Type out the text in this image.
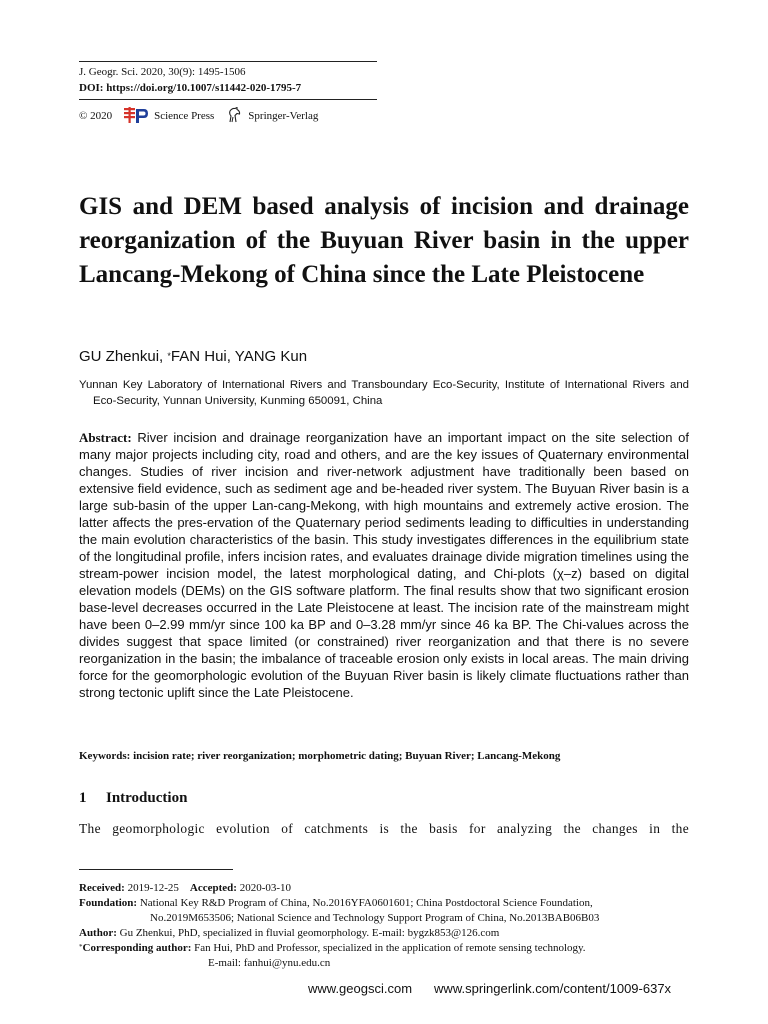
J. Geogr. Sci. 2020, 30(9): 1495-1506
DOI: https://doi.org/10.1007/s11442-020-1795-7
© 2020	Science Press	Springer-Verlag
GIS and DEM based analysis of incision and drainage reorganization of the Buyuan River basin in the upper Lancang-Mekong of China since the Late Pleistocene
GU Zhenkui, *FAN Hui, YANG Kun
Yunnan Key Laboratory of International Rivers and Transboundary Eco-Security, Institute of International Rivers and Eco-Security, Yunnan University, Kunming 650091, China
Abstract: River incision and drainage reorganization have an important impact on the site selection of many major projects including city, road and others, and are the key issues of Quaternary environmental changes. Studies of river incision and river-network adjustment have traditionally been based on extensive field evidence, such as sediment age and be-headed river system. The Buyuan River basin is a large sub-basin of the upper Lan-cang-Mekong, with high mountains and extremely active erosion. The latter affects the pres-ervation of the Quaternary period sediments leading to difficulties in understanding the main evolution characteristics of the basin. This study investigates differences in the equilibrium state of the longitudinal profile, infers incision rates, and evaluates drainage divide migration timelines using the stream-power incision model, the latest morphological dating, and Chi-plots (χ–z) based on digital elevation models (DEMs) on the GIS software platform. The final results show that two significant erosion base-level decreases occurred in the Late Pleistocene at least. The incision rate of the mainstream might have been 0–2.99 mm/yr since 100 ka BP and 0–3.28 mm/yr since 46 ka BP. The Chi-values across the divides suggest that space limited (or constrained) river reorganization and that there is no severe reorganization in the basin; the imbalance of traceable erosion only exists in local areas. The main driving force for the geomorphologic evolution of the Buyuan River basin is likely climate fluctuations rather than strong tectonic uplift since the Late Pleistocene.
Keywords: incision rate; river reorganization; morphometric dating; Buyuan River; Lancang-Mekong
1 Introduction
The geomorphologic evolution of catchments is the basis for analyzing the changes in the
Received: 2019-12-25 Accepted: 2020-03-10
Foundation: National Key R&D Program of China, No.2016YFA0601601; China Postdoctoral Science Foundation,
No.2019M653506; National Science and Technology Support Program of China, No.2013BAB06B03
Author: Gu Zhenkui, PhD, specialized in fluvial geomorphology. E-mail: bygzk853@126.com
*Corresponding author: Fan Hui, PhD and Professor, specialized in the application of remote sensing technology.
E-mail: fanhui@ynu.edu.cn
www.geogsci.com www.springerlink.com/content/1009-637x
